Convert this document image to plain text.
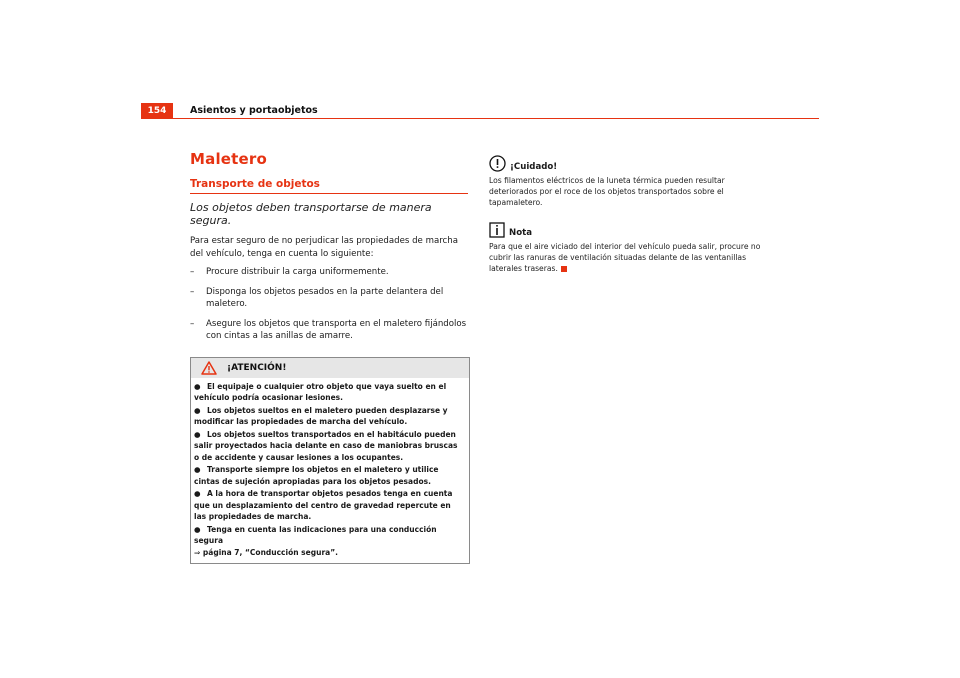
154	Asientos y portaobjetos
Maletero
Transporte de objetos

Los objetos deben transportarse de manera segura.

Para estar seguro de no perjudicar las propiedades de marcha del vehículo, tenga en cuenta lo siguiente:

– Procure distribuir la carga uniformemente.
– Disponga los objetos pesados en la parte delantera del maletero.
– Asegure los objetos que transporta en el maletero fijándolos con cintas a las anillas de amarre.
¡ATENCIÓN!

● El equipaje o cualquier otro objeto que vaya suelto en el vehículo podría ocasionar lesiones.

● Los objetos sueltos en el maletero pueden desplazarse y modificar las propiedades de marcha del vehículo.

● Los objetos sueltos transportados en el habitáculo pueden salir proyectados hacia delante en caso de maniobras bruscas o de accidente y causar lesiones a los ocupantes.

● Transporte siempre los objetos en el maletero y utilice cintas de sujeción apropiadas para los objetos pesados.

● A la hora de transportar objetos pesados tenga en cuenta que un desplazamiento del centro de gravedad repercute en las propiedades de marcha.

● Tenga en cuenta las indicaciones para una conducción segura
⇒ página 7, “Conducción segura”.

¡Cuidado!

Los filamentos eléctricos de la luneta térmica pueden resultar deteriorados por el roce de los objetos transportados sobre el tapamaletero.

Nota

Para que el aire viciado del interior del vehículo pueda salir, procure no cubrir las ranuras de ventilación situadas delante de las ventanillas laterales traseras.
